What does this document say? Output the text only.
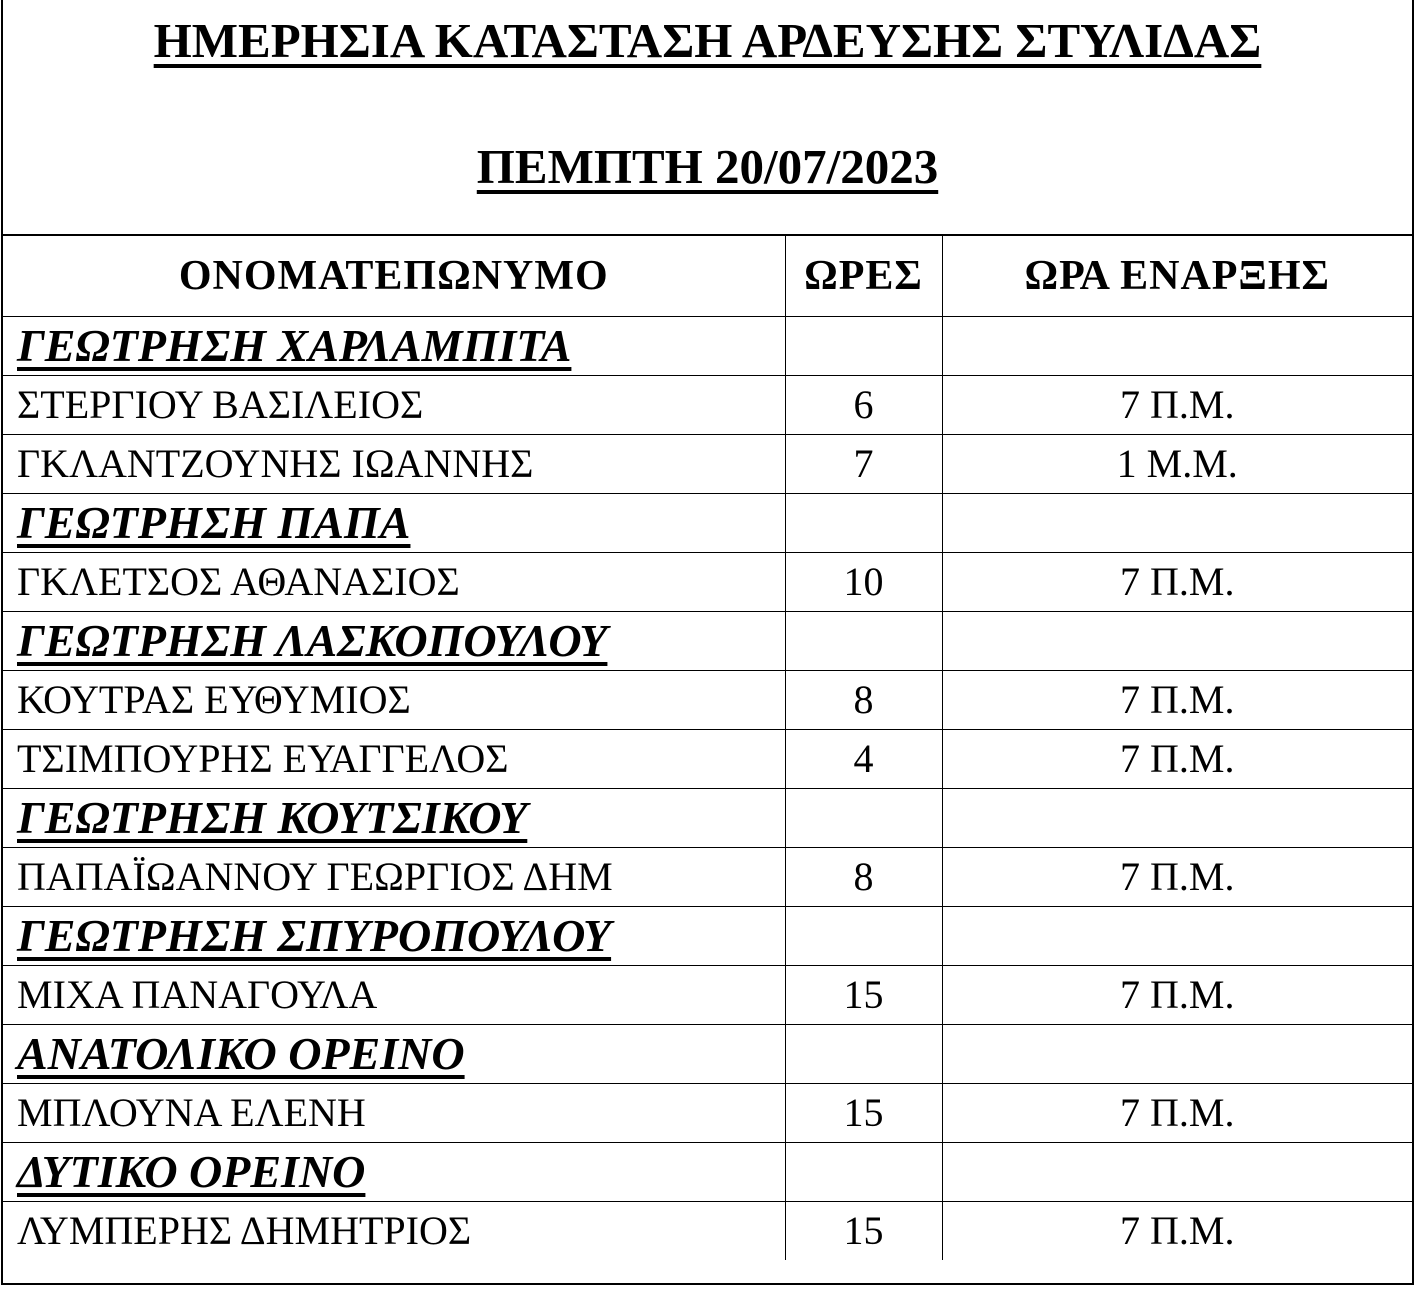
ΗΜΕΡΗΣΙΑ ΚΑΤΑΣΤΑΣΗ ΑΡΔΕΥΣΗΣ ΣΤΥΛΙΔΑΣ
ΠΕΜΠΤΗ 20/07/2023
ΟΝΟΜΑΤΕΠΩΝΥΜΟ	ΩΡΕΣ	ΩΡΑ ΕΝΑΡΞΗΣ
ΓΕΩΤΡΗΣΗ ΧΑΡΛΑΜΠΙΤΑ		
ΣΤΕΡΓΙΟΥ ΒΑΣΙΛΕΙΟΣ	6	7 Π.Μ.
ΓΚΛΑΝΤΖΟΥΝΗΣ ΙΩΑΝΝΗΣ	7	1 Μ.Μ.
ΓΕΩΤΡΗΣΗ ΠΑΠΑ		
ΓΚΛΕΤΣΟΣ ΑΘΑΝΑΣΙΟΣ	10	7 Π.Μ.
ΓΕΩΤΡΗΣΗ ΛΑΣΚΟΠΟΥΛΟΥ		
ΚΟΥΤΡΑΣ ΕΥΘΥΜΙΟΣ	8	7 Π.Μ.
ΤΣΙΜΠΟΥΡΗΣ ΕΥΑΓΓΕΛΟΣ	4	7 Π.Μ.
ΓΕΩΤΡΗΣΗ ΚΟΥΤΣΙΚΟΥ		
ΠΑΠΑΪΩΑΝΝΟΥ ΓΕΩΡΓΙΟΣ ΔΗΜ	8	7 Π.Μ.
ΓΕΩΤΡΗΣΗ ΣΠΥΡΟΠΟΥΛΟΥ		
ΜΙΧΑ ΠΑΝΑΓΟΥΛΑ	15	7 Π.Μ.
ΑΝΑΤΟΛΙΚΟ ΟΡΕΙΝΟ		
ΜΠΛΟΥΝΑ ΕΛΕΝΗ	15	7 Π.Μ.
ΔΥΤΙΚΟ ΟΡΕΙΝΟ		
ΛΥΜΠΕΡΗΣ ΔΗΜΗΤΡΙΟΣ	15	7 Π.Μ.
